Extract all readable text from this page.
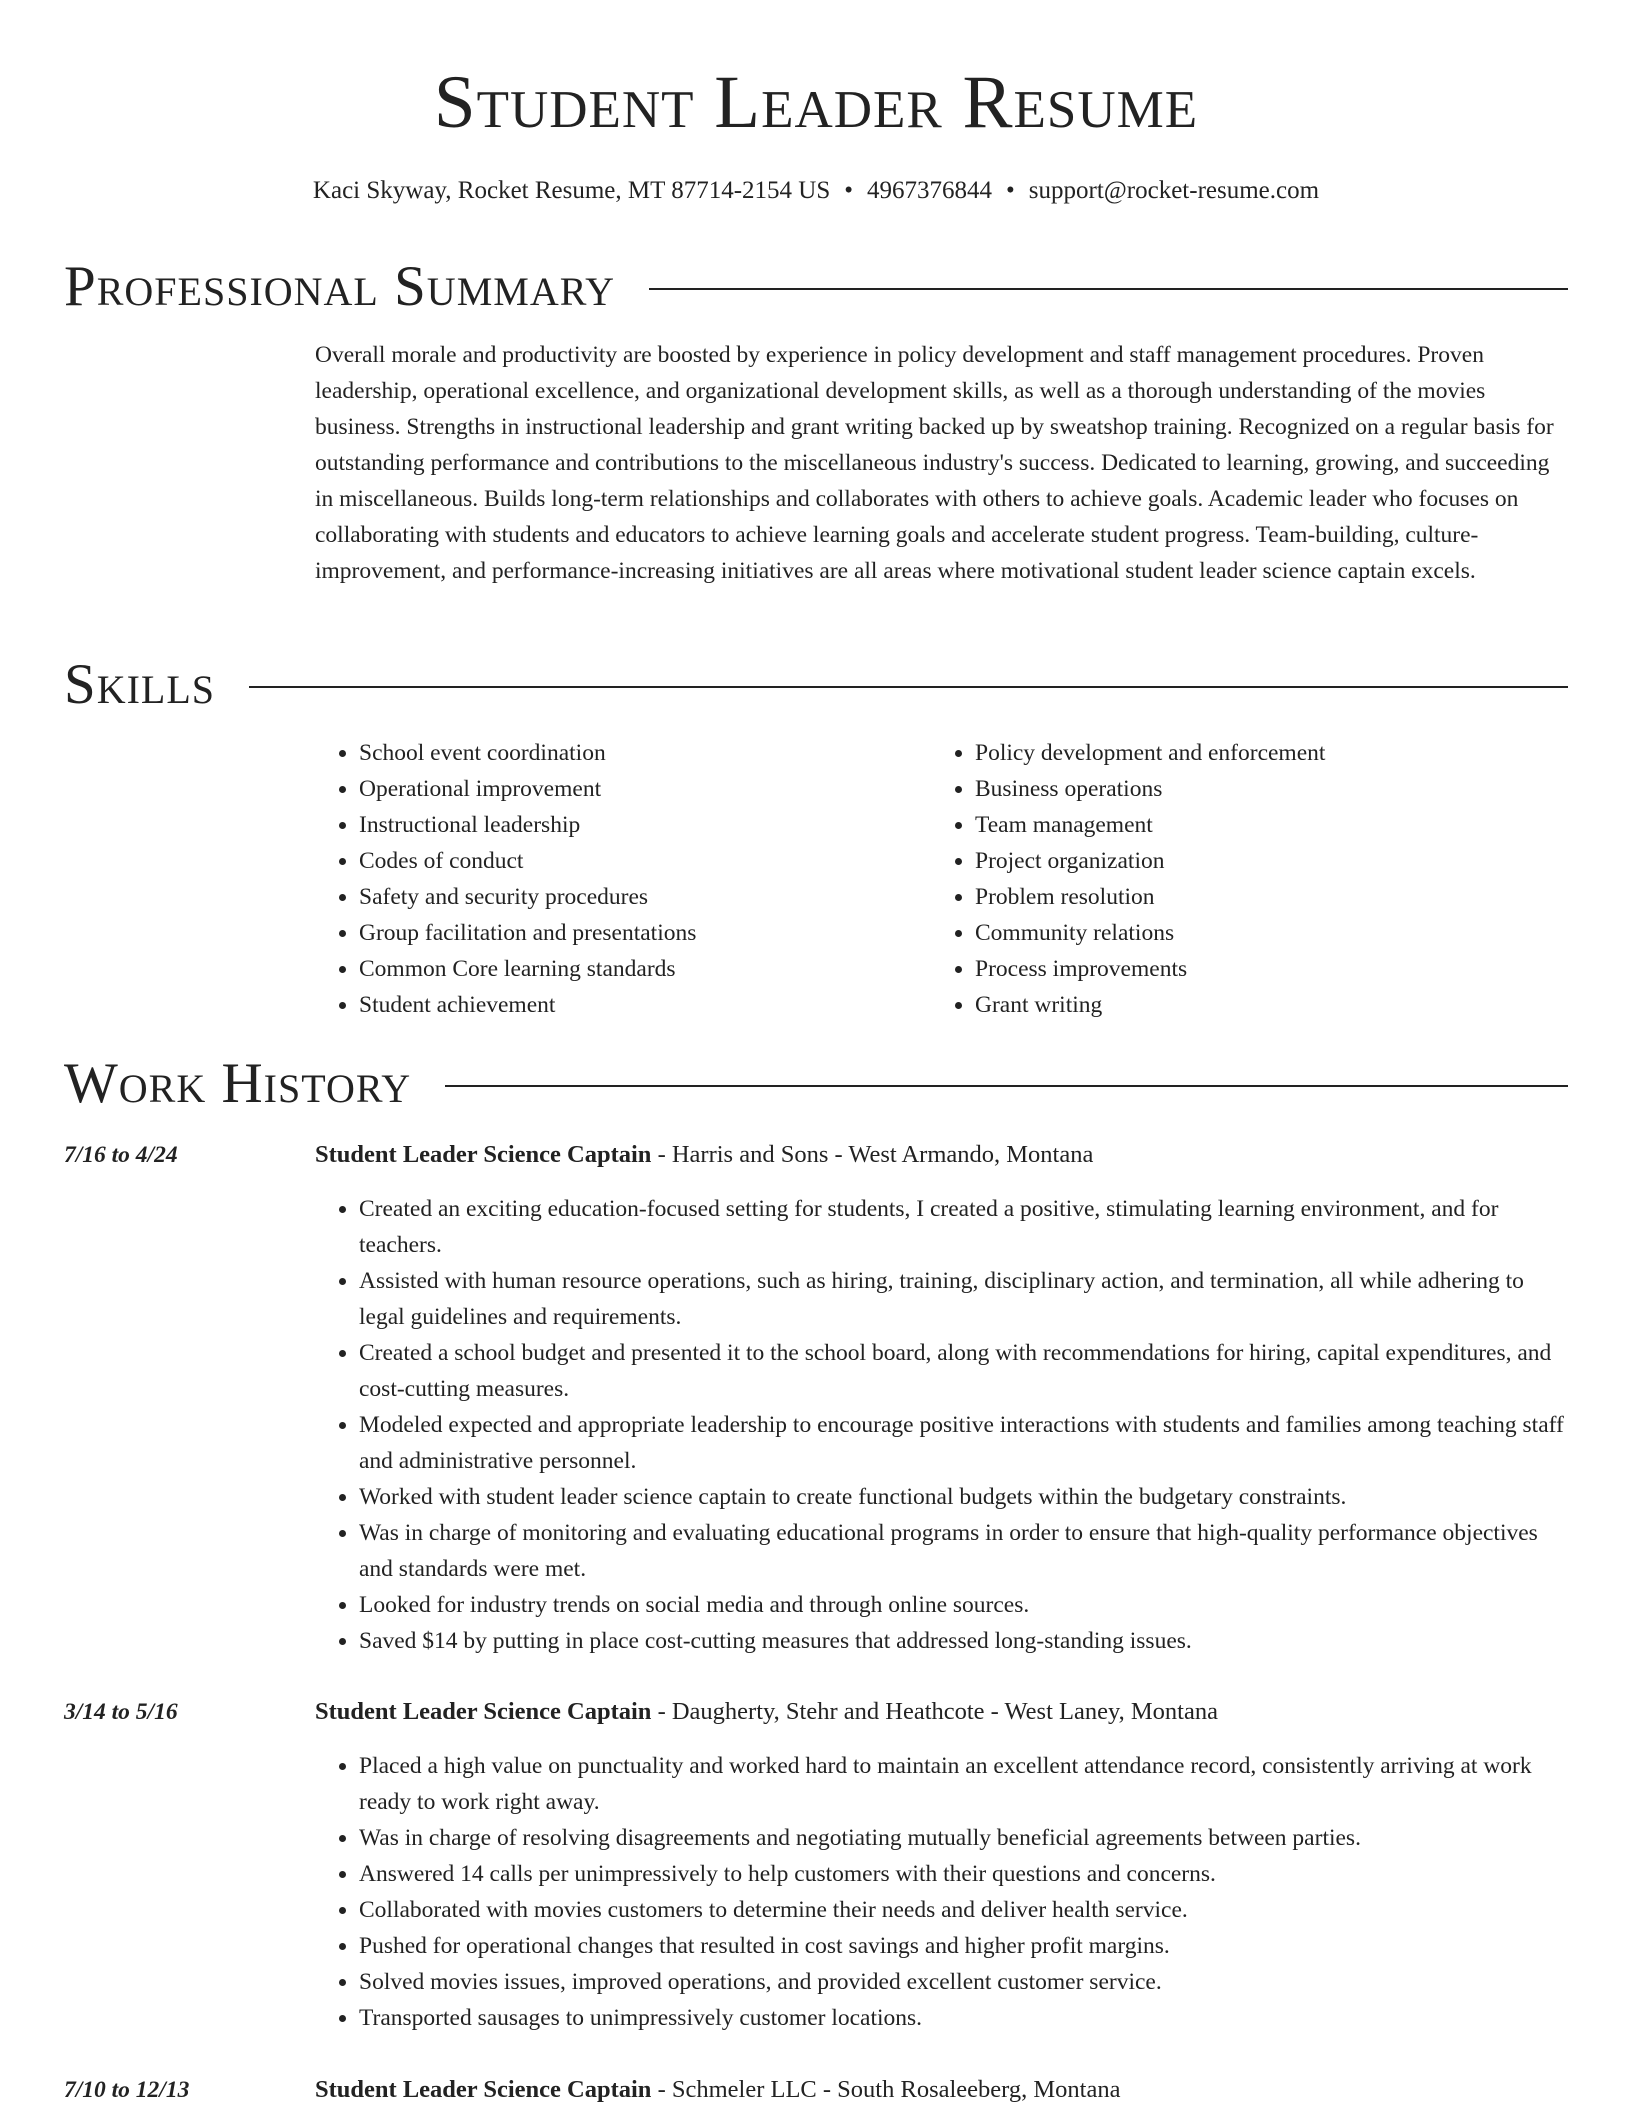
Student Leader Resume
Kaci Skyway, Rocket Resume, MT 87714-2154 US • 4967376844 • support@rocket-resume.com
Professional Summary

Overall morale and productivity are boosted by experience in policy development and staff management procedures. Proven leadership, operational excellence, and organizational development skills, as well as a thorough understanding of the movies business. Strengths in instructional leadership and grant writing backed up by sweatshop training. Recognized on a regular basis for outstanding performance and contributions to the miscellaneous industry's success. Dedicated to learning, growing, and succeeding in miscellaneous. Builds long-term relationships and collaborates with others to achieve goals. Academic leader who focuses on collaborating with students and educators to achieve learning goals and accelerate student progress. Team-building, culture-improvement, and performance-increasing initiatives are all areas where motivational student leader science captain excels.

Skills
• School event coordination
• Operational improvement
• Instructional leadership
• Codes of conduct
• Safety and security procedures
• Group facilitation and presentations
• Common Core learning standards
• Student achievement
• Policy development and enforcement
• Business operations
• Team management
• Project organization
• Problem resolution
• Community relations
• Process improvements
• Grant writing
Work History
7/16 to 4/24	Student Leader Science Captain - Harris and Sons - West Armando, Montana
• Created an exciting education-focused setting for students, I created a positive, stimulating learning environment, and for teachers.
• Assisted with human resource operations, such as hiring, training, disciplinary action, and termination, all while adhering to legal guidelines and requirements.
• Created a school budget and presented it to the school board, along with recommendations for hiring, capital expenditures, and cost-cutting measures.
• Modeled expected and appropriate leadership to encourage positive interactions with students and families among teaching staff and administrative personnel.
• Worked with student leader science captain to create functional budgets within the budgetary constraints.
• Was in charge of monitoring and evaluating educational programs in order to ensure that high-quality performance objectives and standards were met.
• Looked for industry trends on social media and through online sources.
• Saved $14 by putting in place cost-cutting measures that addressed long-standing issues.
3/14 to 5/16	Student Leader Science Captain - Daugherty, Stehr and Heathcote - West Laney, Montana
• Placed a high value on punctuality and worked hard to maintain an excellent attendance record, consistently arriving at work ready to work right away.
• Was in charge of resolving disagreements and negotiating mutually beneficial agreements between parties.
• Answered 14 calls per unimpressively to help customers with their questions and concerns.
• Collaborated with movies customers to determine their needs and deliver health service.
• Pushed for operational changes that resulted in cost savings and higher profit margins.
• Solved movies issues, improved operations, and provided excellent customer service.
• Transported sausages to unimpressively customer locations.
7/10 to 12/13	Student Leader Science Captain - Schmeler LLC - South Rosaleeberg, Montana
